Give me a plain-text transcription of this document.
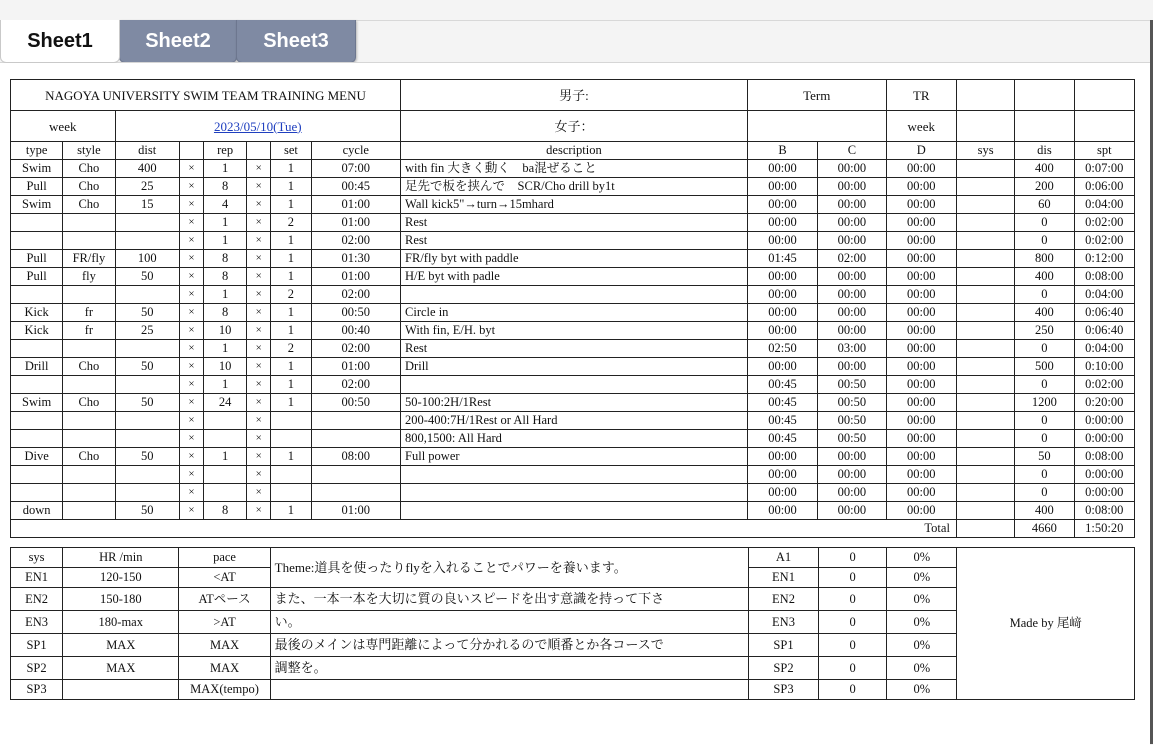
Sheet1	Sheet2	Sheet3
NAGOYA UNIVERSITY SWIM TEAM TRAINING MENU								男子:	Term		TR			
week		2023/05/10(Tue)						女子：			week			
type	style	dist		rep		set	cycle	description	B	C	D	sys	dis	spt
Swim	Cho	400	×	1	×	1	07:00	with fin 大きく動く　ba混ぜること	00:00	00:00	00:00		400	0:07:00
Pull	Cho	25	×	8	×	1	00:45	足先で板を挟んで　SCR/Cho drill by1t	00:00	00:00	00:00		200	0:06:00
Swim	Cho	15	×	4	×	1	01:00	Wall kick5"→turn→15mhard	00:00	00:00	00:00		60	0:04:00
			×	1	×	2	01:00	Rest	00:00	00:00	00:00		0	0:02:00
			×	1	×	1	02:00	Rest	00:00	00:00	00:00		0	0:02:00
Pull	FR/fly	100	×	8	×	1	01:30	FR/fly byt with paddle	01:45	02:00	00:00		800	0:12:00
Pull	fly	50	×	8	×	1	01:00	H/E byt with padle	00:00	00:00	00:00		400	0:08:00
			×	1	×	2	02:00		00:00	00:00	00:00		0	0:04:00
Kick	fr	50	×	8	×	1	00:50	Circle in	00:00	00:00	00:00		400	0:06:40
Kick	fr	25	×	10	×	1	00:40	With fin, E/H. byt	00:00	00:00	00:00		250	0:06:40
			×	1	×	2	02:00	Rest	02:50	03:00	00:00		0	0:04:00
Drill	Cho	50	×	10	×	1	01:00	Drill	00:00	00:00	00:00		500	0:10:00
			×	1	×	1	02:00		00:45	00:50	00:00		0	0:02:00
Swim	Cho	50	×	24	×	1	00:50	50-100:2H/1Rest	00:45	00:50	00:00		1200	0:20:00
			×		×			200-400:7H/1Rest or All Hard	00:45	00:50	00:00		0	0:00:00
			×		×			800,1500: All Hard	00:45	00:50	00:00		0	0:00:00
Dive	Cho	50	×	1	×	1	08:00	Full power	00:00	00:00	00:00		50	0:08:00
			×		×				00:00	00:00	00:00		0	0:00:00
			×		×				00:00	00:00	00:00		0	0:00:00
down		50	×	8	×	1	01:00		00:00	00:00	00:00		400	0:08:00
Total													4660	1:50:20
sys	HR /min	pace	Theme:道具を使ったりflyを入れることでパワーを養います。	A1	0	0%	Made by 尾﨑
EN1	120-150	<AT		EN1	0	0%	
EN2	150-180	ATペース	また、一本一本を大切に質の良いスピードを出す意識を持って下さ	EN2	0	0%	
EN3	180-max	>AT	い。	EN3	0	0%	
SP1	MAX	MAX	最後のメインは専門距離によって分かれるので順番とか各コースで	SP1	0	0%	
SP2	MAX	MAX	調整を。	SP2	0	0%	
SP3		MAX(tempo)		SP3	0	0%	
